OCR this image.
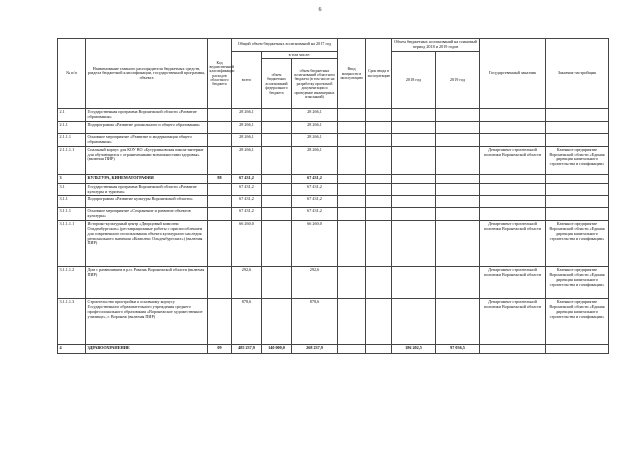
6
№ п/п	Наименование главного распорядителя бюджетных средств, раздела бюджетной классификации, государственной программы, объекта	Код ведомственной классификации расходов областного бюджета	Общий объем бюджетных ассигнований на 2017 год			Ввод мощности в эксплуатацию	Срок ввода в эксплуатацию	Объем бюджетных ассигнований на плановый период 2018 и 2019 годов		Государственный заказчик	Заказчик-застройщик
			всего	в том числе:				2018 год	2019 год		
				объем бюджетных ассигнований федерального бюджета	объем бюджетных ассигнований областного бюджета (в том числе на разработку проектной документации и проведение инженерных изысканий)						
2.1	Государственная программа Воронежской области «Развитие образования»		28 266,1		28 266,1						
2.1.1	Подпрограмма «Развитие дошкольного и общего образования»		28 266,1		28 266,1						
2.1.1.1	Основное мероприятие «Развитие и модернизация общего образования»		28 266,1		28 266,1						
2.1.1.1.1	Спальный корпус для КОУ ВО «Бутурлиновская школа-интернат для обучающихся с ограниченными возможностями здоровья» (включая ПИР)		28 266,1		28 266,1					Департамент строительной политики Воронежской области	Казенное предприятие Воронежской области «Единая дирекция капитального строительства и газификации»
3	КУЛЬТУРА, КИНЕМАТОГРАФИЯ	88	67 431,2		67 431,2						
3.1	Государственная программа Воронежской области «Развитие культуры и туризма»		67 431,2		67 431,2						
3.1.1	Подпрограмма «Развитие культуры Воронежской области»		67 431,2		67 431,2						
3.1.1.1	Основное мероприятие «Сохранение и развитие объектов культуры»		67 431,2		67 431,2						
3.1.1.1.1	Историко-культурный центр «Дворцовый комплекс Ольденбургских» (реставрационные работы с приспособлением для современного использования объекта культурного наследия регионального значения «Комплекс Ольденбургских») (включая ПИР)		66 260,0		66 260,0					Департамент строительной политики Воронежской области	Казенное предприятие Воронежской области «Единая дирекция капитального строительства и газификации»
3.1.1.1.2	Дом с развешиваем в р.п. Рамонь Воронежской области (включая ПИР)		292,6		292,6					Департамент строительной политики Воронежской области	Казенное предприятие Воронежской области «Единая дирекция капитального строительства и газификации»
3.1.1.1.3	Строительство пристройки к основному корпусу Государственного образовательного учреждения среднего профессионального образования «Воронежское художественное училище», г. Воронеж (включая ПИР)		878,6		878,6					Департамент строительной политики Воронежской области	Казенное предприятие Воронежской области «Единая дирекция капитального строительства и газификации»
4	ЗДРАВООХРАНЕНИЕ	09	485 237,9	140 000,0	268 237,9			186 202,5	97 036,5		
